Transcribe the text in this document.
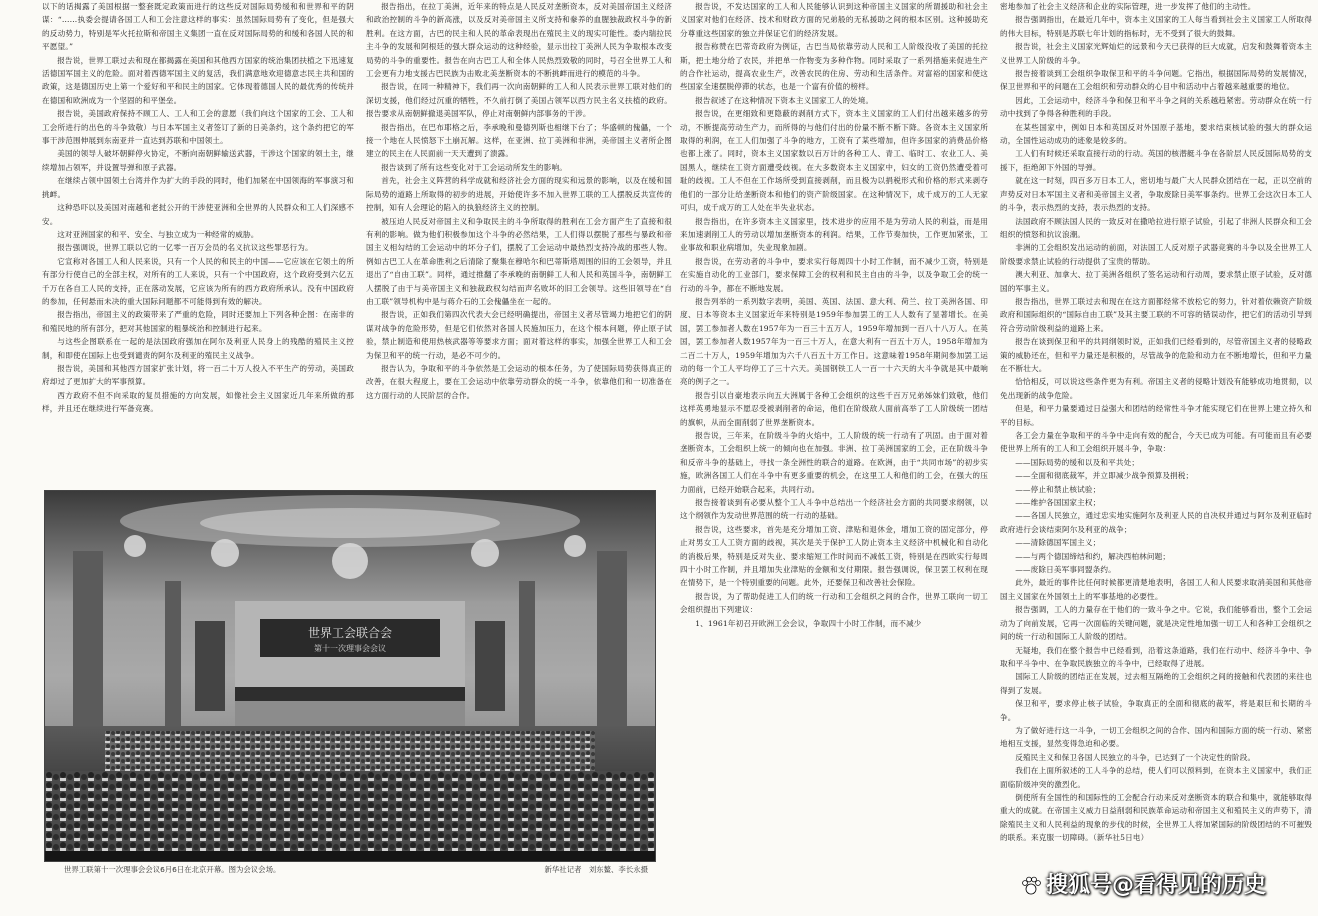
以下的话揭露了美国根据一整套既定政策而进行的这些反对国际局势缓和和世界和平的阴谋：“……执委会提请各国工人和工会注意这样的事实：虽然国际局势有了变化，但是强大的反动势力，特别是军火托拉斯和帝国主义集团一直在反对国际局势的和缓和各国人民的和平愿望。”

报告说，世界工联过去和现在都揭露在美国和其他西方国家的统治集团扶植之下迅速复活德国军国主义的危险。面对着西德军国主义的复活，我们满意地欢迎德意志民主共和国的政策，这是德国历史上第一个爱好和平和民主的国家。它体现着德国人民的最优秀的传统并在德国和欧洲成为一个坚固的和平堡垒。

报告说，美国政府保持不顾工人、工人和工会的意愿（我们向这个国家的工会、工人和工会所进行的出色的斗争致敬）与日本军国主义者签订了新的日美条约，这个条约把它的军事干涉范围伸展到东南亚并一直达到苏联和中国领土。

美国的领导人破坏朝鲜停火协定，不断向南朝鲜输送武器，干涉这个国家的领土主，继续增加占领军，并设置导弹和原子武器。

在继续占领中国领土台湾并作为扩大的手段的同时，他们加紧在中国领海的军事演习和挑衅。

这种恐吓以及美国对南越和老挝公开的干涉使亚洲和全世界的人民群众和工人们深感不安。

这对亚洲国家的和平、安全、与独立成为一种经常的威胁。

报告强调说，世界工联以它的一亿零一百万会员的名义抗议这些罪恶行为。

它宣称对各国工人和人民来说，只有一个人民的和民主的中国——它应该在它领土的所有部分行使自己的全部主权，对所有的工人来说，只有一个中国政府，这个政府受到六亿五千万在各自工人民的支持，正在落动发展，它应该为所有的西方政府所承认。没有中国政府的参加，任何悬而未决的重大国际问题都不可能得到有效的解决。

报告指出，帝国主义的政策带来了严重的危险，同时还要加上下列各种企图：在南非的和殖民地的所有部分，把对其他国家的粗暴统治和控制进行起来。

与这些企图联系在一起的是法国政府强加在阿尔及利亚人民身上的残酷的殖民主义控制，和即使在国际上也受到谴责的阿尔及利亚的殖民主义战争。

报告说，美国和其他西方国家扩张计划，将一百二十万人投入不平生产的劳动，美国政府却过了更加扩大的军事预算。

西方政府不但不向采取的复员措施的方向发展，如像社会主义国家近几年来所做的那样，并且还在继续进行军备竞赛。

报告指出，在拉丁美洲，近年来的特点是人民反对垄断资本，反对美国帝国主义经济和政治控制的斗争的新高涨，以及反对美帝国主义所支持和豢养的血腥独裁政权斗争的新胜利。在这方面，古巴的民主和人民的革命表现出在殖民主义的现实可能性。委内瑞拉民主斗争的发展和阿根廷的强大群众运动的这种经验，显示出拉丁美洲人民为争取根本改变局势的斗争的重要性。报告在向古巴工人和全体人民热烈致敬的同时，号召全世界工人和工会更有力地支援古巴民族为击败北美垄断资本的不断挑衅而进行的模范的斗争。

报告说，在同一种精神下，我们再一次向南朝鲜的工人和人民表示世界工联对他们的深切支援，他们经过沉重的牺牲，不久前打倒了美国占领军以西方民主名义扶植的政府。报告要求从南朝鲜撤退美国军队，停止对南朝鲜内部事务的干涉。

报告指出，在巴布耶格之后，李承晚和曼德列斯也相继下台了；华盛顿的傀儡，一个接一个地在人民愤怒下土崩瓦解。这样，在亚洲、拉丁美洲和非洲，美帝国主义者所企图建立的民主在人民面前一天天遭到了溃露。

报告谈到了所有这些变化对于工会运动所发生的影响。

首先，社会主义阵营的科学成就和经济社会方面的现实和远景的影响，以及在缓和国际局势的道路上所取得的初步的进展，开始使许多不加入世界工联的工人摆脱反共宣传的控制，知有人会理论的陷入的执狼经济主义的控制。

被压迫人民反对帝国主义和争取民主的斗争所取得的胜利在工会方面产生了直接和很有利的影响。做为他们积极参加这个斗争的必然结果，工人们得以摆脱了那些与暴政和帝国主义相勾结的工会运动中的坏分子们，摆脱了工会运动中最热烈支持冷战的那些人物。例如古巴工人在革命胜利之后清除了聚集在穆哈尔和巴蒂斯塔周围的旧的工会领导，并且退出了“自由工联”。同样，通过推翻了李承晚的南朝鲜工人和人民和英国斗争，南朝鲜工人摆脱了由于与美帝国主义和独裁政权勾结而声名败坏的旧工会领导。这些旧领导在“自由工联”领导机构中是与蒋介石的工会傀儡坐在一起的。

报告说，正如我们第四次代表大会已经明确提出，帝国主义者尽管竭力地把它们的阴谋对战争的危险形势，但是它们依然对各国人民施加压力，在这个根本问题，停止原子试验，禁止制造和使用热核武器等等要求方面；面对着这样的事实，加强全世界工人和工会为保卫和平的统一行动，是必不可少的。

报告认为，争取和平的斗争依然是工会运动的根本任务，为了使国际局势获得真正的改善，在很大程度上，要在工会运动中依靠劳动群众的统一斗争，依靠他们和一切准备在这方面行动的人民阶层的合作。

报告说，不发达国家的工人和人民能够认识到这种帝国主义国家的所谓援助和社会主义国家对他们在经济、技术和财政方面的兄弟般的无私援助之间的根本区别。这种援助充分尊重这些国家的独立并保证它们的经济发展。

报告称赞在巴蒂奇政府为例证，古巴当局依靠劳动人民和工人阶级没收了美国的托拉斯，把土地分给了农民，并把单一作物变为多种作物。同时采取了一系列措施来促进生产的合作社运动，提高农业生产，改善农民的住房、劳动和生活条件。对富裕的国家和使这些国家全速摆脱停滞的状态，也是一个富有价值的榜样。

报告叙述了在这种情况下资本主义国家工人的处境。

报告说，在更细致和更隐蔽的剥削方式下，资本主义国家的工人们付出越来越多的劳动，不断提高劳动生产力，而所得的与他们付出的份量不断不断下降。各资本主义国家所取得的利润，在工人们加强了斗争的地方，工资有了某些增加，但许多国家的消费品价格也都上涨了。同时，资本主义国家数以百万计的各种工人、青工、临时工、农业工人、美国黑人，继续在工资方面遭受歧视。在大多数资本主义国家中，妇女的工资仍然遭受着可耻的歧视。工人不但在工作场所受到直接剥削，而且极为以捐税形式和价格的形式来剥夺他们的一部分让给垄断资本和他们的资产阶级国家。在这种情况下，成千成万的工人无家可归，成千成万的工人处在半失业状态。

报告指出，在许多资本主义国家里，技术进步的应用不是为劳动人民的利益，而是用来加速剥削工人的劳动以增加垄断资本的利润。结果，工作节奏加快，工作更加紧张，工业事故和职业病增加，失业现象加剧。

报告说，在劳动者的斗争中，要求实行每周四十小时工作制，而不减少工资，特别是在实施自动化的工业部门，要求保障工会的权利和民主自由的斗争，以及争取工会的统一行动的斗争，都在不断地发展。

报告列举的一系列数字表明，美国、英国、法国、意大利、荷兰、拉丁美洲各国、印度、日本等资本主义国家近年来特别是1959年参加罢工的工人人数有了显著增长。在美国，罢工参加者人数在1957年为一百三十五万人，1959年增加到一百八十八万人。在英国，罢工参加者人数1957年为一百三十万人，在意大利有一百五十万人，1958年增加为二百二十万人，1959年增加为六千八百五十万工作日。这意味着1958年期间参加罢工运动的每一个工人平均停工了三十六天。美国钢铁工人一百一十六天的大斗争就是其中最响亮的例子之一。

报告引以自豪地表示向五大洲属于各种工会组织的这些千百万兄弟姊妹们致敬，他们这样英勇地显示不愿忍受被剥削者的命运，他们在阶级敌人面前高举了工人阶级统一团结的旗帜，从而全面削弱了世界垄断资本。

报告说，三年来，在阶级斗争的火焰中，工人阶级的统一行动有了巩固。由于面对着垄断资本，工会组织上统一的倾向也在加强。非洲、拉丁美洲国家的工会，正在阶级斗争和反帝斗争的基础上，寻找一条全洲性的联合的道路。在欧洲，由于“共同市场”的初步实施，欧洲各国工人们在斗争中有更多重要的机会，在这里工人和他们的工会，在强大的压力面前，已经开始联合起来，共同行动。

报告接着谈到有必要从整个工人斗争中总结出一个经济社会方面的共同要求纲领，以这个纲领作为发动世界范围的统一行动的基础。

报告说，这些要求，首先是充分增加工资、津贴和退休金，增加工资的固定部分，停止对男女工人工资方面的歧视，其次是关于保护工人防止资本主义经济中机械化和自动化的消极后果，特别是反对失业、要求缩短工作时间而不减低工资，特别是在西欧实行每周四十小时工作制，并且增加失业津贴的金额和支付期限。报告强调说，保卫罢工权利在现在情势下，是一个特别重要的问题。此外，还要保卫和改善社会保险。

报告说，为了帮助促进工人们的统一行动和工会组织之间的合作，世界工联向一切工会组织提出下列建议：

1、1961年初召开欧洲工会会议，争取四十小时工作制，而不减少

密地参加了社会主义经济和企业的实际管理，进一步发挥了他们的主动性。

报告强调指出，在最近几年中，资本主义国家的工人每当看到社会主义国家工人所取得的伟大目标，特别是苏联七年计划的指标时，无不受到了很大的鼓舞。

报告说，社会主义国家光辉灿烂的远景和今天已获得的巨大成就，启发和鼓舞着资本主义世界工人阶级的斗争。

报告接着谈到工会组织争取保卫和平的斗争问题。它指出，根据国际局势的发展情况，保卫世界和平的问题在工会组织和劳动群众的心目中和活动中占着越来越重要的地位。

因此，工会运动中，经济斗争和保卫和平斗争之间的关系越趋紧密。劳动群众在统一行动中找到了争得各种胜利的手段。

在某些国家中，例如日本和英国反对外国原子基地，要求结束核试验的强大的群众运动，全国性运动成功的迹象是较多的。

工人们有时候还采取直接行动的行动。英国的核潜艇斗争在各阶层人民反国际局势的支援下，拒绝卸下外国的导弹。

就在这一时刻，四百多万日本工人，密切地与最广大人民群众团结在一起，正以空前的声势反对日本军国主义者和美帝国主义者，争取废除日美军事条约。世界工会这次日本工人的斗争，表示热烈的支持，表示热烈的支持。

法国政府不顾法国人民的一致反对在撒哈拉进行原子试验，引起了非洲人民群众和工会组织的愤怒和抗议浪潮。

非洲的工会组织发出运动的前面，对法国工人反对原子武器竞赛的斗争以及全世界工人阶级要求禁止试验的行动提供了宝贵的帮助。

澳大利亚、加拿大、拉丁美洲各组织了签名运动和行动周，要求禁止原子试验，反对德国的军事主义。

报告指出，世界工联过去和现在在这方面都经常不放松它的努力，针对着依赖资产阶级政府和国际组织的“国际自由工联”及其主要工联的不可容的错误动作，把它们的活动引导到符合劳动阶级利益的道路上来。

报告在谈到保卫和平的共同纲领时说，正如我们已经看到的，尽管帝国主义者的侵略政策的威胁还在，但和平力量还是积极的，尽管战争的危险和动力在不断地增长，但和平力量在不断壮大。

恰恰相反，可以说这些条件更为有利。帝国主义者的侵略计划没有能够成功地贯彻，以免出现新的战争危险。

但是，和平力量要通过日益强大和团结的经常性斗争才能实现它们在世界上建立持久和平的目标。

各工会力量在争取和平的斗争中走向有效的配合，今天已成为可能。有可能而且有必要使世界上所有的工人和工会组织开展斗争，争取：

——国际局势的缓和以及和平共处；

——全面和彻底裁军，并立即减少战争预算及捐税；

——停止和禁止核试验；

——维护各国国家主权；

——各国人民独立，通过忠实地实施阿尔及利亚人民的自决权并通过与阿尔及利亚临时政府进行会谈结束阿尔及利亚的战争；

——清除德国军国主义；

——与两个德国缔结和约，解决西柏林问题；

——废除日美军事同盟条约。

此外，最近的事件比任何时候都更清楚地表明，各国工人和人民要求取消美国和其他帝国主义国家在外国领土上的军事基地的必要性。

报告强调，工人的力量存在于他们的一致斗争之中。它说，我们能够看出，整个工会运动为了向前发展，它再一次面临的关键问题，就是决定性地加强一切工人和各种工会组织之间的统一行动和国际工人阶级的团结。

无疑地，我们在整个报告中已经看到，沿着这条道路，我们在行动中、经济斗争中、争取和平斗争中、在争取民族独立的斗争中，已经取得了进展。

国际工人阶级的团结正在发展，过去相互隔绝的工会组织之间的接触和代表团的来往也得到了发展。

保卫和平，要求停止核子试验，争取真正的全面和彻底的裁军，将是艰巨和长期的斗争。

为了做好进行这一斗争，一切工会组织之间的合作、国内和国际方面的统一行动、紧密地相互支援，显然变得急迫和必要。

反殖民主义和保卫各国人民独立的斗争，已达到了一个决定性的阶段。

我们在上面所叙述的工人斗争的总结，使人们可以预料到，在资本主义国家中，我们正面临阶级冲突的激烈化。

倒使所有全国性的和国际性的工会配合行动来反对垄断资本的联合和集中，就能够取得重大的成就。在帝国主义威力日益削弱和民族革命运动和帝国主义和殖民主义的声势下，清除殖民主义和人民利益的现象的步伐的时候，全世界工人将加紧国际的阶级团结的不可摧毁的联系。来克服一切障碍。（新华社5日电）

世界工会联合会
第十一次理事会会议
世界工联第十一次理事会会议6月6日在北京开幕。图为会议会场。	新华社记者　刘东鳌、李长永摄
搜狐号@看得见的历史
